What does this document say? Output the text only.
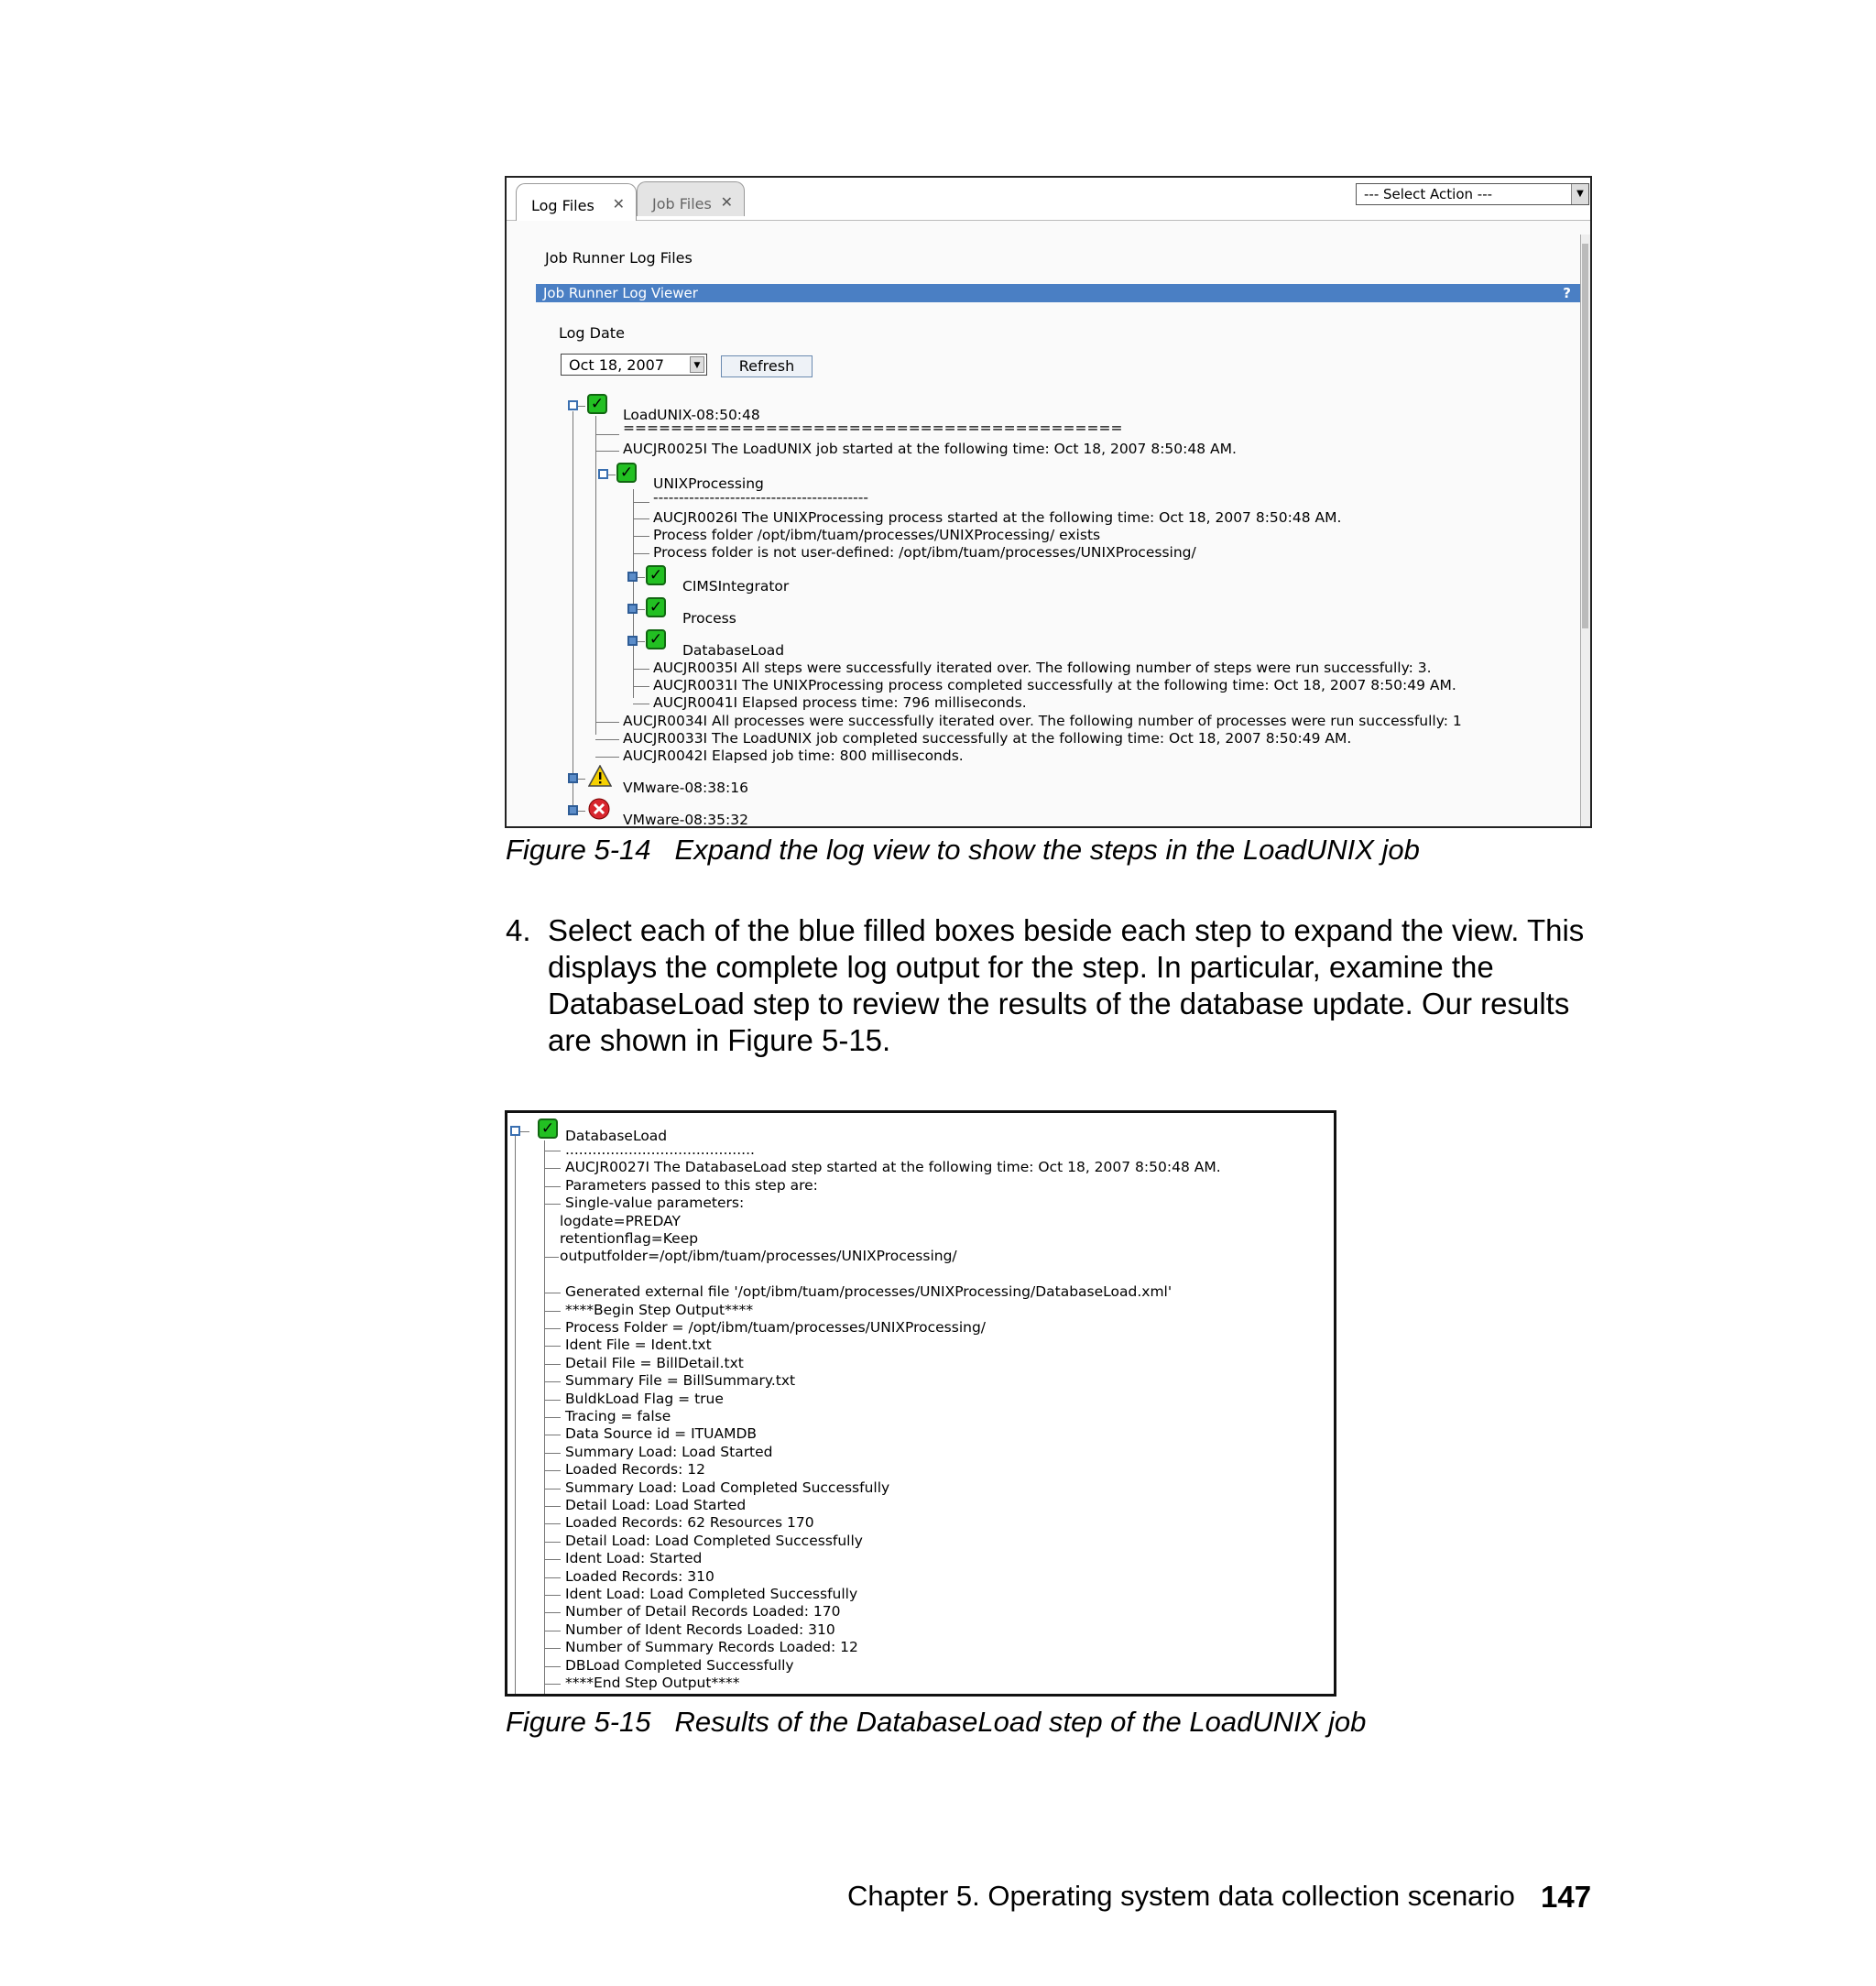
Log Files ✕	Job Files ✕	--- Select Action ---	▼
Job Runner Log Files
Job Runner Log Viewer	?
Log Date
Oct 18, 2007	▼	Refresh
✓
LoadUNIX-08:50:48
==========================================
AUCJR0025I The LoadUNIX job started at the following time: Oct 18, 2007 8:50:48 AM.
✓
UNIXProcessing
------------------------------------------
AUCJR0026I The UNIXProcessing process started at the following time: Oct 18, 2007 8:50:48 AM.
Process folder /opt/ibm/tuam/processes/UNIXProcessing/ exists
Process folder is not user-defined: /opt/ibm/tuam/processes/UNIXProcessing/
✓
CIMSIntegrator
✓
Process
✓
DatabaseLoad
AUCJR0035I All steps were successfully iterated over. The following number of steps were run successfully: 3.
AUCJR0031I The UNIXProcessing process completed successfully at the following time: Oct 18, 2007 8:50:49 AM.
AUCJR0041I Elapsed process time: 796 milliseconds.
AUCJR0034I All processes were successfully iterated over. The following number of processes were run successfully: 1
AUCJR0033I The LoadUNIX job completed successfully at the following time: Oct 18, 2007 8:50:49 AM.
AUCJR0042I Elapsed job time: 800 milliseconds.
VMware-08:38:16
VMware-08:35:32
Figure 5-14 Expand the log view to show the steps in the LoadUNIX job
4. Select each of the blue filled boxes beside each step to expand the view. This displays the complete log output for the step. In particular, examine the DatabaseLoad step to review the results of the database update. Our results are shown in Figure 5-15.
✓ DatabaseLoad
..........................................
AUCJR0027I The DatabaseLoad step started at the following time: Oct 18, 2007 8:50:48 AM.
Parameters passed to this step are:
Single-value parameters:
logdate=PREDAY
retentionflag=Keep
outputfolder=/opt/ibm/tuam/processes/UNIXProcessing/
Generated external file '/opt/ibm/tuam/processes/UNIXProcessing/DatabaseLoad.xml'
****Begin Step Output****
Process Folder = /opt/ibm/tuam/processes/UNIXProcessing/
Ident File = Ident.txt
Detail File = BillDetail.txt
Summary File = BillSummary.txt
BuldkLoad Flag = true
Tracing = false
Data Source id = ITUAMDB
Summary Load: Load Started
Loaded Records: 12
Summary Load: Load Completed Successfully
Detail Load: Load Started
Loaded Records: 62 Resources 170
Detail Load: Load Completed Successfully
Ident Load: Started
Loaded Records: 310
Ident Load: Load Completed Successfully
Number of Detail Records Loaded: 170
Number of Ident Records Loaded: 310
Number of Summary Records Loaded: 12
DBLoad Completed Successfully
****End Step Output****
Figure 5-15 Results of the DatabaseLoad step of the LoadUNIX job
Chapter 5. Operating system data collection scenario 147
